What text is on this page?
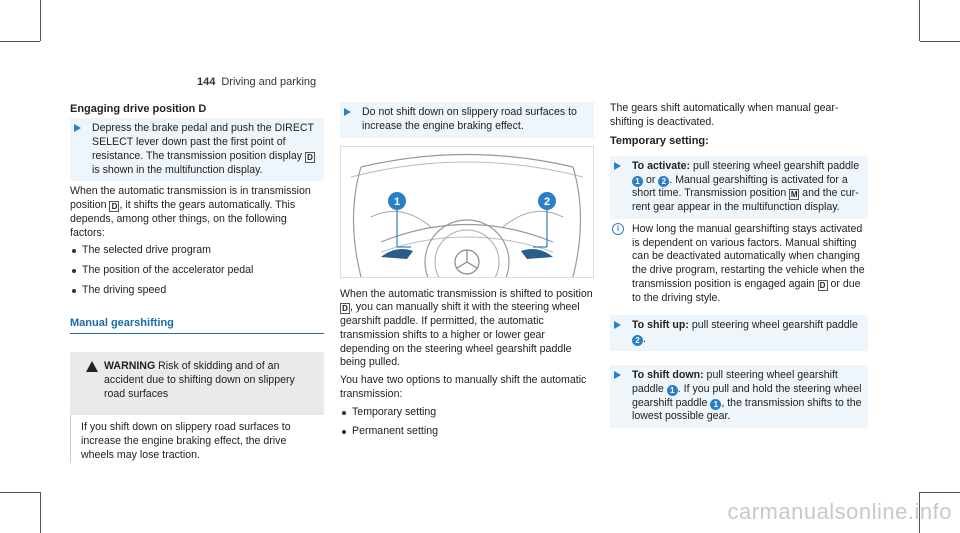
144 Driving and parking
Engaging drive position D
Depress the brake pedal and push the DIRECT SELECT lever down past the first point of resistance. The transmission position display D is shown in the multifunction display.
When the automatic transmission is in transmission position D , it shifts the gears automatically. This depends, among other things, on the following factors:
The selected drive program
The position of the accelerator pedal
The driving speed
Manual gearshifting
WARNING Risk of skidding and of an accident due to shifting down on slippery road surfaces
If you shift down on slippery road surfaces to increase the engine braking effect, the drive wheels may lose traction.
Do not shift down on slippery road surfaces to increase the engine braking effect.
1	2
When the automatic transmission is shifted to position D , you can manually shift it with the steering wheel gearshift paddle. If permitted, the automatic transmission shifts to a higher or lower gear depending on the steering wheel gearshift paddle being pulled.
You have two options to manually shift the automatic transmission:
Temporary setting
Permanent setting
The gears shift automatically when manual gearshifting is deactivated.
Temporary setting:
To activate: pull steering wheel gearshift paddle 1 or 2 . Manual gearshifting is activated for a short time. Transmission position M and the current gear appear in the multifunction display.
i	How long the manual gearshifting stays activated is dependent on various factors. Manual shifting can be deactivated automatically when changing the drive program, restarting the vehicle when the transmission position is engaged again D or due to the driving style.
To shift up: pull steering wheel gearshift paddle 2 .
To shift down: pull steering wheel gearshift paddle 1 . If you pull and hold the steering wheel gearshift paddle 1 , the transmission shifts to the lowest possible gear.
carmanualsonline.info
